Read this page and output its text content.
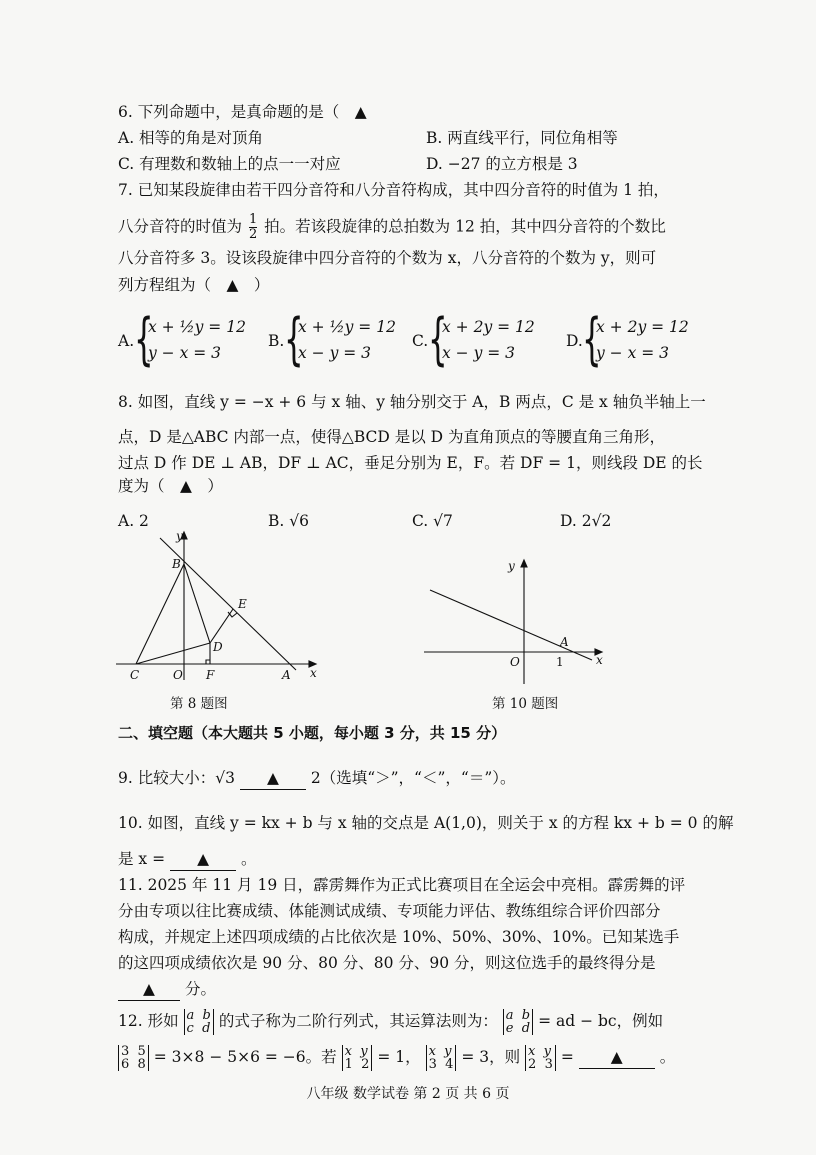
6. 下列命题中，是真命题的是（　▲
A. 相等的角是对顶角	B. 两直线平行，同位角相等
C. 有理数和数轴上的点一一对应	D. −27 的立方根是 3
7. 已知某段旋律由若干四分音符和八分音符构成，其中四分音符的时值为 1 拍，
八分音符的时值为 $\frac{1}{2}$ 拍。若该段旋律的总拍数为 12 拍，其中四分音符的个数比
八分音符多 3。设该段旋律中四分音符的个数为 x，八分音符的个数为 y，则可
列方程组为（　▲　）
A. {
x + ½y = 12
y − x = 3
B. {
x + ½y = 12
x − y = 3
C. {
x + 2y = 12
x − y = 3
D. {
x + 2y = 12
y − x = 3
8. 如图，直线 y = −x + 6 与 x 轴、y 轴分别交于 A，B 两点，C 是 x 轴负半轴上一
点，D 是△ABC 内部一点，使得△BCD 是以 D 为直角顶点的等腰直角三角形，
过点 D 作 DE ⊥ AB，DF ⊥ AC，垂足分别为 E，F。若 DF = 1，则线段 DE 的长
度为（　▲　）
A. 2	B. √6	C. √7	D. 2√2
y
B
E
D
C	O F	A x
第 8 题图
y
O
A
1	x
第 10 题图
二、填空题（本大题共 5 小题，每小题 3 分，共 15 分）
9. 比较大小：√3 ▲ 2（选填“＞”，“＜”，“＝”）。
10. 如图，直线 y = kx + b 与 x 轴的交点是 A(1,0)，则关于 x 的方程 kx + b = 0 的解
是 x = ▲ 。
11. 2025 年 11 月 19 日，霹雳舞作为正式比赛项目在全运会中亮相。霹雳舞的评
分由专项以往比赛成绩、体能测试成绩、专项能力评估、教练组综合评价四部分
构成，并规定上述四项成绩的占比依次是 10%、50%、30%、10%。已知某选手
的这四项成绩依次是 90 分、80 分、80 分、90 分，则这位选手的最终得分是
▲ 分。
12. 形如 a b
c d 的式子称为二阶行列式，其运算法则为： a b
e d = ad − bc，例如
3 5
6 8 = 3×8 − 5×6 = −6。若 x y
1 2 = 1， x y
3 4 = 3，则 x y
2 3 = ▲ 。
八年级 数学试卷 第 2 页 共 6 页
